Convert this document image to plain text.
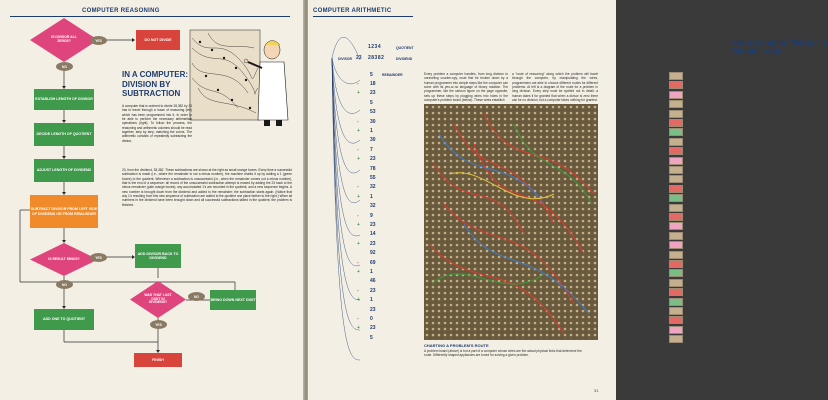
COMPUTER REASONING
IS DIVISOR ALL ZEROS?	YES	DO NOT DIVIDE
NO
ESTABLISH LENGTH OF DIVISOR
DECIDE LENGTH OF QUOTIENT
ADJUST LENGTH OF DIVIDEND
SUBTRACT DIVISOR FROM LEFT SIDE OF DIVIDEND OR FROM REMAINDER
IS RESULT MINUS?	YES
ADD DIVISOR BACK TO DIVIDEND
NO
WAS THAT LAST DIGIT IN DIVIDEND?
YES
NO
BRING DOWN NEXT DIGIT
ADD ONE TO QUOTIENT
FINISH
IN A COMPUTER: DIVISION BY SUBTRACTION

A computer that is ordered to divide 28,382 by 23 has to travel through a maze of reasoning (left) which has been programmed into it, in order to be able to perform the necessary arithmetical operations (right). To follow the process, the reasoning and arithmetic columns should be read together, step by step, matching the colors. The arithmetic consists of repeatedly subtracting the divisor,

23, from the dividend, 28,382. These subtractions are shown at the right as small orange boxes. Every time a successful subtraction is made (i.e., where the remainder is not a minus number), the machine chalks it up by adding a 1 (green boxes) to the quotient. Whenever a subtraction is unsuccessful (i.e., when the remainder comes out a minus number), that is the end of a sequence: all record of the unsuccessful subtraction attempt is erased by adding the 23 back to the minus remainder (pale orange boxes); any accumulated 1's are recorded in the quotient, and a new sequence begins. A new number is brought down from the dividend and added to the remainder; the subtraction starts again. (Notice that any 1's resulting from this new sequence of subtraction are added to the quotient one place farther to the right.) When all numbers in the dividend have been brought down and all successful subtractions tallied in the quotient, the problem is finished.

COMPUTER ARITHMETIC
1234	QUOTIENT
DIVISOR 23 28382	DIVIDEND
REMAINDER
5
18
-
23
+
5
53
30
-
1
+
30
7
-
23
+
78
55
32
-
1
+
32
9
-
23
+
14
23
+
92
69
-
1
+
46
23
-
1
+
23
0
-
23
+
5
For a Complex "Brain," a Simple Logic

Every problem a computer handles, from long division to unraveling counter-spy, must first be broken down by a human programmer into simple steps like the computer can solve with its yes-or-no language of binary notation. The programmer, like the cartoon figure on the page opposite, sets up these steps by plugging wires into holes in the computer's problem board (below). These wires establish

a "route of reasoning" along which the problem will travel through the computer, by manipulating the wires, programmers are able to choose different routes for different problems. At left is a diagram of the route for a problem in long division. Every step must be spelled out in detail: a human takes it for granted that when a divisor is zero there can be no division, but a computer takes nothing for granted.

CHARTING A PROBLEM'S ROUTE

A problem board (above) is but a part of a computer whose wires are the actual physical links that determine the route. Differently shaped appliances are tuned for solving a given problem.

31
